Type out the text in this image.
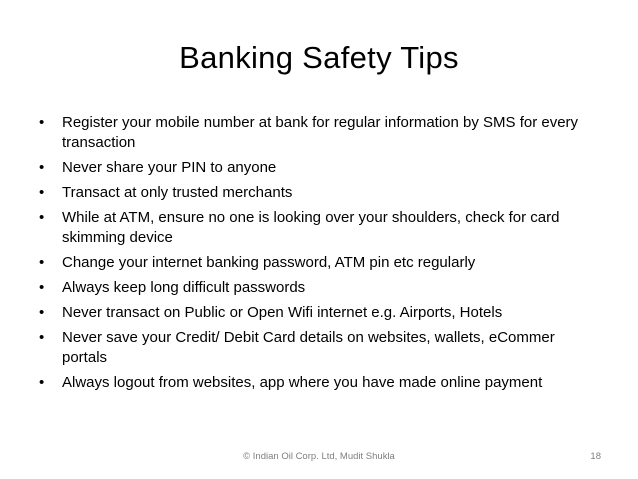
Banking Safety Tips
•	Register your mobile number at bank for regular information by SMS for every transaction
•	Never share your PIN to anyone
•	Transact at only trusted merchants
•	While at ATM, ensure no one is looking over your shoulders, check for card skimming device
•	Change your internet banking password, ATM pin etc regularly
•	Always keep long difficult passwords
•	Never transact on Public or Open Wifi internet e.g. Airports, Hotels
•	Never save your Credit/ Debit Card details on websites, wallets, eCommer portals
•	Always logout from websites, app where you have made online payment
© Indian Oil Corp. Ltd, Mudit Shukla	18
